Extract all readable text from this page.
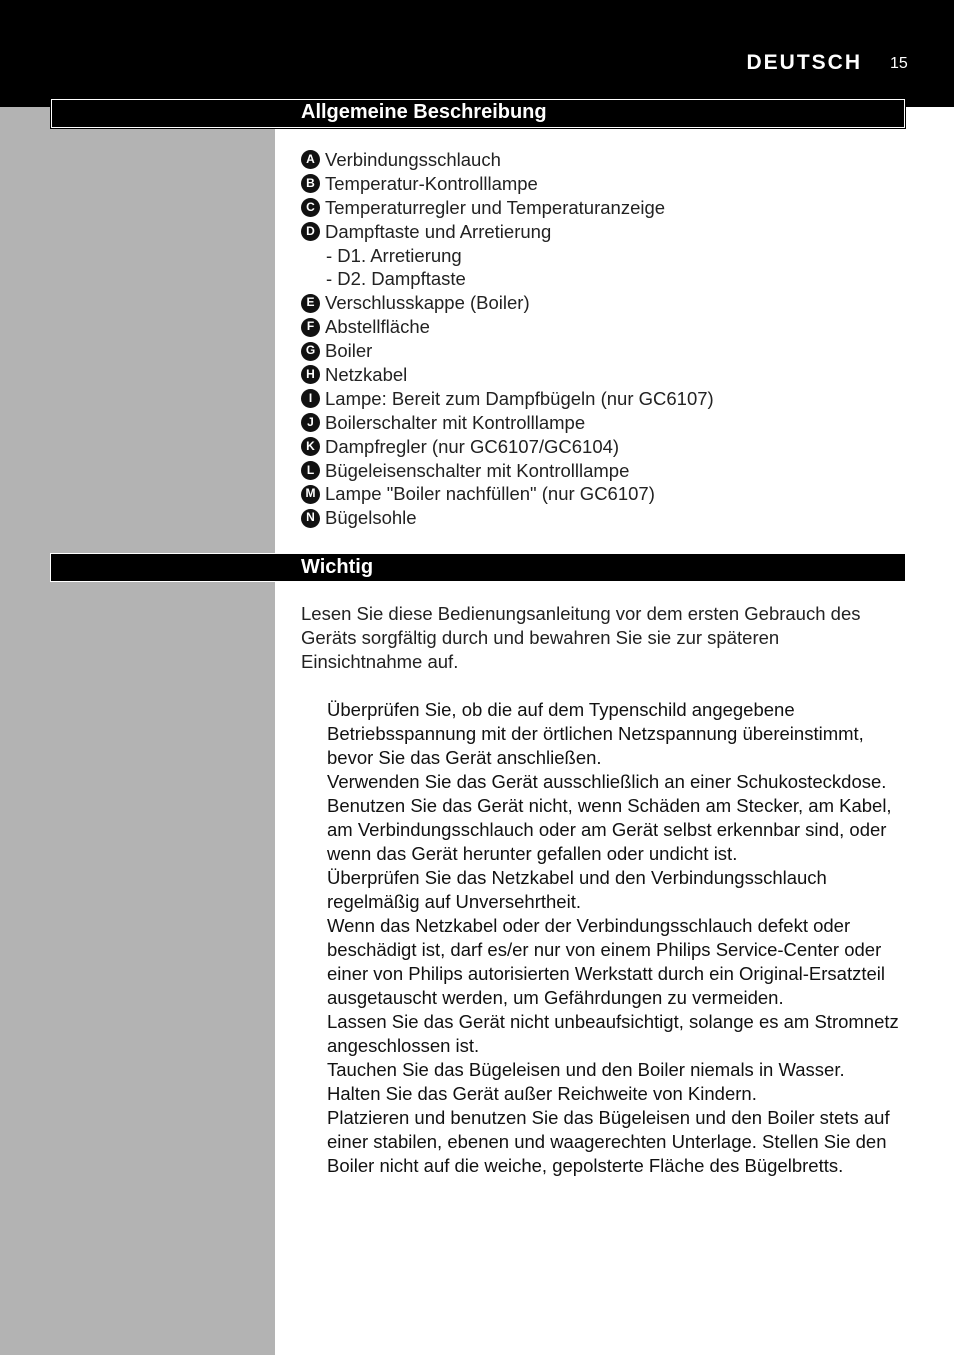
DEUTSCH 15
Allgemeine Beschreibung
A Verbindungsschlauch
B Temperatur-Kontrolllampe
C Temperaturregler und Temperaturanzeige
D Dampftaste und Arretierung
- D1. Arretierung
- D2. Dampftaste
E Verschlusskappe (Boiler)
F Abstellfläche
G Boiler
H Netzkabel
I Lampe: Bereit zum Dampfbügeln (nur GC6107)
J Boilerschalter mit Kontrolllampe
K Dampfregler (nur GC6107/GC6104)
L Bügeleisenschalter mit Kontrolllampe
M Lampe "Boiler nachfüllen" (nur GC6107)
N Bügelsohle
Wichtig
Lesen Sie diese Bedienungsanleitung vor dem ersten Gebrauch des Geräts sorgfältig durch und bewahren Sie sie zur späteren Einsichtnahme auf.

Überprüfen Sie, ob die auf dem Typenschild angegebene Betriebsspannung mit der örtlichen Netzspannung übereinstimmt, bevor Sie das Gerät anschließen.

Verwenden Sie das Gerät ausschließlich an einer Schukosteckdose.

Benutzen Sie das Gerät nicht, wenn Schäden am Stecker, am Kabel, am Verbindungsschlauch oder am Gerät selbst erkennbar sind, oder wenn das Gerät herunter gefallen oder undicht ist.

Überprüfen Sie das Netzkabel und den Verbindungsschlauch regelmäßig auf Unversehrtheit.

Wenn das Netzkabel oder der Verbindungsschlauch defekt oder beschädigt ist, darf es/er nur von einem Philips Service-Center oder einer von Philips autorisierten Werkstatt durch ein Original-Ersatzteil ausgetauscht werden, um Gefährdungen zu vermeiden.

Lassen Sie das Gerät nicht unbeaufsichtigt, solange es am Stromnetz angeschlossen ist.

Tauchen Sie das Bügeleisen und den Boiler niemals in Wasser.

Halten Sie das Gerät außer Reichweite von Kindern.

Platzieren und benutzen Sie das Bügeleisen und den Boiler stets auf einer stabilen, ebenen und waagerechten Unterlage. Stellen Sie den Boiler nicht auf die weiche, gepolsterte Fläche des Bügelbretts.
